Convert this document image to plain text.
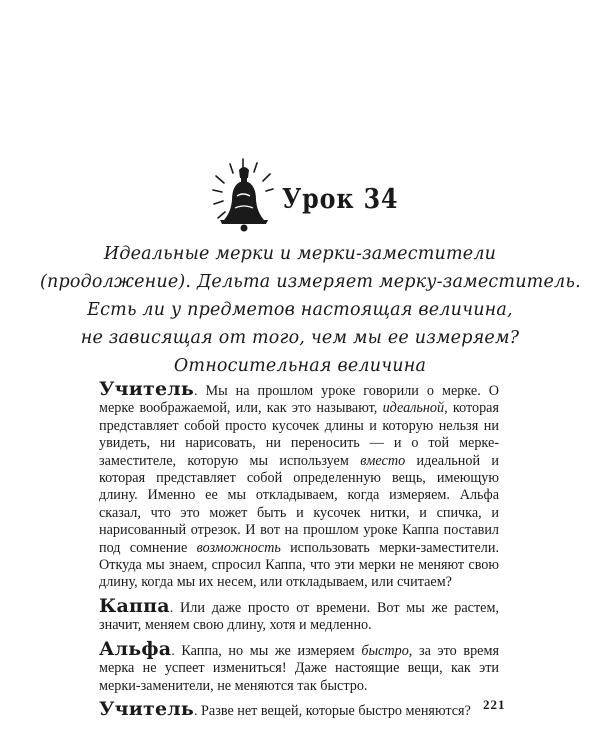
Урок 34
Идеальные мерки и мерки-заместители
(продолжение). Дельта измеряет мерку-заместитель.
Есть ли у предметов настоящая величина,
не зависящая от того, чем мы ее измеряем?
Относительная величина

Учитель. Мы на прошлом уроке говорили о мерке. О мерке воображаемой, или, как это называют, идеальной, которая представляет собой просто кусочек длины и которую нельзя ни увидеть, ни нарисовать, ни переносить — и о той мерке-заместителе, которую мы используем вместо идеальной и которая представляет собой определенную вещь, имеющую длину. Именно ее мы откладываем, когда измеряем. Альфа сказал, что это может быть и кусочек нитки, и спичка, и нарисованный отрезок. И вот на прошлом уроке Каппа поставил под сомнение возможность использовать мерки-заместители. Откуда мы знаем, спросил Каппа, что эти мерки не меняют свою длину, когда мы их несем, или откладываем, или считаем?

Каппа. Или даже просто от времени. Вот мы же растем, значит, меняем свою длину, хотя и медленно.

Альфа. Каппа, но мы же измеряем быстро, за это время мерка не успеет измениться! Даже настоящие вещи, как эти мерки-заменители, не меняются так быстро.

Учитель. Разве нет вещей, которые быстро меняются? 221
